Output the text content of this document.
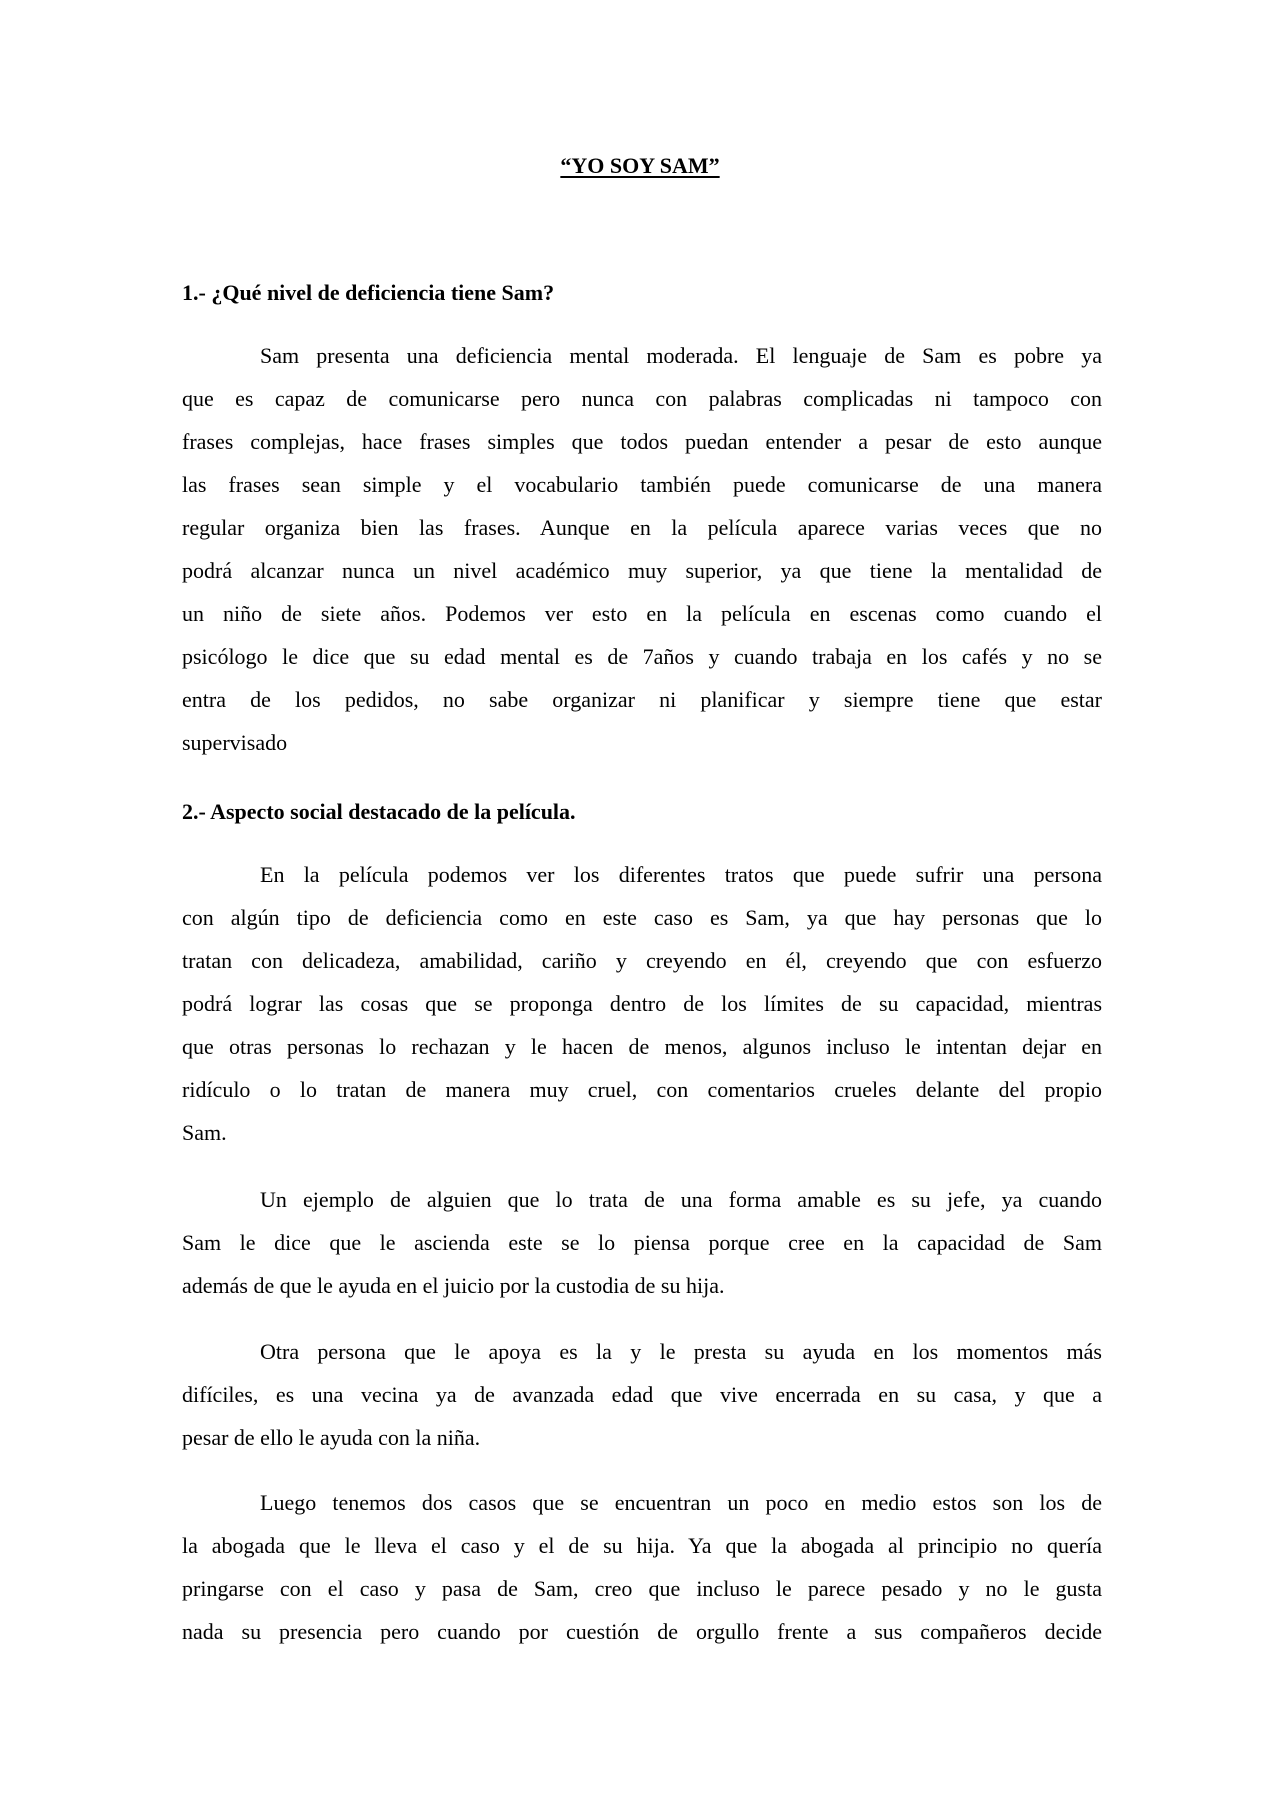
“YO SOY SAM”
1.- ¿Qué nivel de deficiencia tiene Sam?
Sam presenta una deficiencia mental moderada. El lenguaje de Sam es pobre ya
que es capaz de comunicarse pero nunca con palabras complicadas ni tampoco con
frases complejas, hace frases simples que todos puedan entender a pesar de esto aunque
las frases sean simple y el vocabulario también puede comunicarse de una manera
regular organiza bien las frases. Aunque en la película aparece varias veces que no
podrá alcanzar nunca un nivel académico muy superior, ya que tiene la mentalidad de
un niño de siete años. Podemos ver esto en la película en escenas como cuando el
psicólogo le dice que su edad mental es de 7años y cuando trabaja en los cafés y no se
entra de los pedidos, no sabe organizar ni planificar y siempre tiene que estar
supervisado
2.- Aspecto social destacado de la película.
En la película podemos ver los diferentes tratos que puede sufrir una persona
con algún tipo de deficiencia como en este caso es Sam, ya que hay personas que lo
tratan con delicadeza, amabilidad, cariño y creyendo en él, creyendo que con esfuerzo
podrá lograr las cosas que se proponga dentro de los límites de su capacidad, mientras
que otras personas lo rechazan y le hacen de menos, algunos incluso le intentan dejar en
ridículo o lo tratan de manera muy cruel, con comentarios crueles delante del propio
Sam.
Un ejemplo de alguien que lo trata de una forma amable es su jefe, ya cuando
Sam le dice que le ascienda este se lo piensa porque cree en la capacidad de Sam
además de que le ayuda en el juicio por la custodia de su hija.
Otra persona que le apoya es la y le presta su ayuda en los momentos más
difíciles, es una vecina ya de avanzada edad que vive encerrada en su casa, y que a
pesar de ello le ayuda con la niña.
Luego tenemos dos casos que se encuentran un poco en medio estos son los de
la abogada que le lleva el caso y el de su hija. Ya que la abogada al principio no quería
pringarse con el caso y pasa de Sam, creo que incluso le parece pesado y no le gusta
nada su presencia pero cuando por cuestión de orgullo frente a sus compañeros decide
